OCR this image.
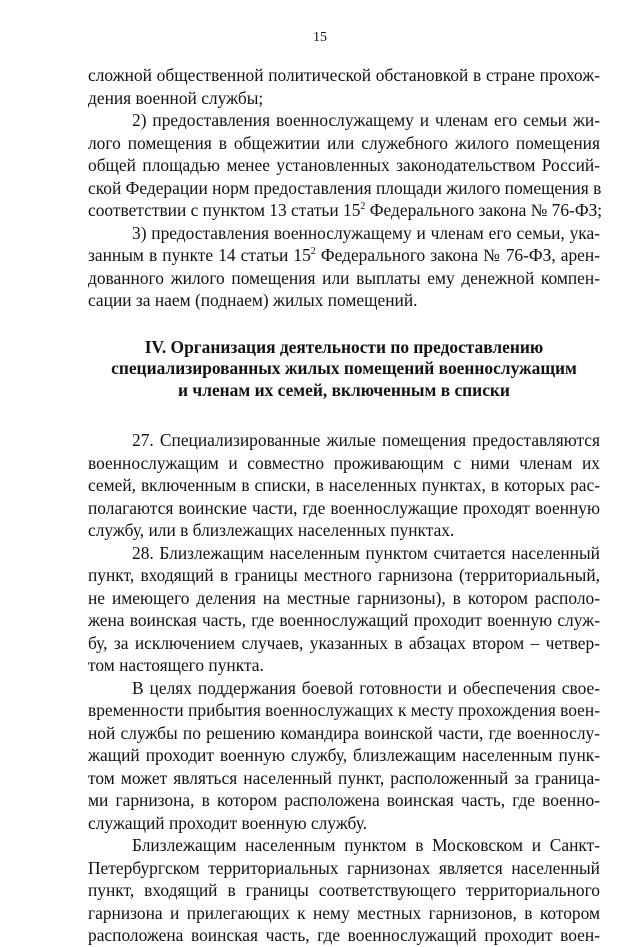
15
сложной общественной политической обстановкой в стране прохож-
дения военной службы;
2) предоставления военнослужащему и членам его семьи жи-
лого помещения в общежитии или служебного жилого помещения
общей площадью менее установленных законодательством Россий-
ской Федерации норм предоставления площади жилого помещения в
соответствии с пунктом 13 статьи $15^2$ Федерального закона № 76-ФЗ;
3) предоставления военнослужащему и членам его семьи, ука-
занным в пункте 14 статьи $15^2$ Федерального закона № 76-ФЗ, арен-
дованного жилого помещения или выплаты ему денежной компен-
сации за наем (поднаем) жилых помещений.
IV. Организация деятельности по предоставлению
специализированных жилых помещений военнослужащим
и членам их семей, включенным в списки
27. Специализированные жилые помещения предоставляются
военнослужащим и совместно проживающим с ними членам их
семей, включенным в списки, в населенных пунктах, в которых рас-
полагаются воинские части, где военнослужащие проходят военную
службу, или в близлежащих населенных пунктах.
28. Близлежащим населенным пунктом считается населенный
пункт, входящий в границы местного гарнизона (территориальный,
не имеющего деления на местные гарнизоны), в котором располо-
жена воинская часть, где военнослужащий проходит военную служ-
бу, за исключением случаев, указанных в абзацах втором – четвер-
том настоящего пункта.
В целях поддержания боевой готовности и обеспечения свое-
временности прибытия военнослужащих к месту прохождения воен-
ной службы по решению командира воинской части, где военнослу-
жащий проходит военную службу, близлежащим населенным пунк-
том может являться населенный пункт, расположенный за граница-
ми гарнизона, в котором расположена воинская часть, где военно-
служащий проходит военную службу.
Близлежащим населенным пунктом в Московском и Санкт-
Петербургском территориальных гарнизонах является населенный
пункт, входящий в границы соответствующего территориального
гарнизона и прилегающих к нему местных гарнизонов, в котором
расположена воинская часть, где военнослужащий проходит воен-
